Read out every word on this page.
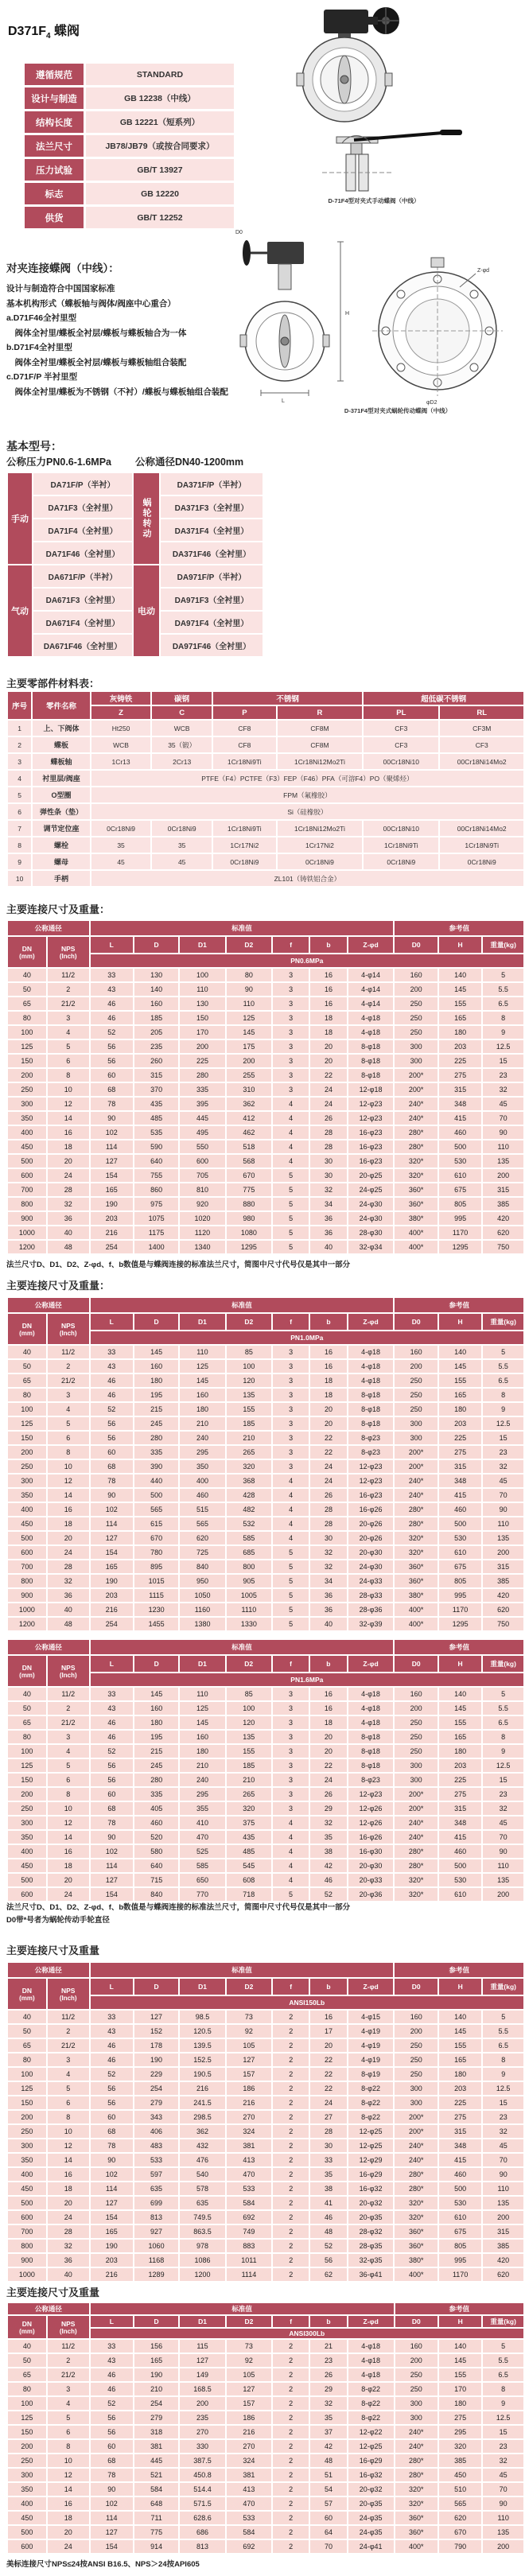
$D371F_4$ 蝶阀
遵循规范	STANDARD
设计与制造	GB 12238（中线）
结构长度	GB 12221（短系列）
法兰尺寸	JB78/JB79（或按合同要求）
压力试验	GB/T 13927
标志	GB 12220
供货	GB/T 12252
D-71F4型对夹式手动蝶阀（中线）
对夹连接蝶阀（中线）：
设计与制造符合中国国家标准
基本机构形式（蝶板轴与阀体/阀座中心重合）
a.D71F46全衬里型
　阀体全衬里/蝶板全衬层/蝶板与蝶板轴合为一体
b.D71F4全衬里型
　阀体全衬里/蝶板全衬层/蝶板与蝶板轴组合装配
c.D71F/P 半衬里型
　阀体全衬里/蝶板为不锈钢（不衬）/蝶板与蝶板轴组合装配
H
D0
L
Z-φd
φD2
D-371F4型对夹式蜗轮传动蝶阀（中线）
基本型号：
公称压力PN0.6-1.6MPa 公称通径DN40-1200mm
手动	DA71F/P（半衬）	蜗轮转动	DA371F/P（半衬）
	DA71F3（全衬里）		DA371F3（全衬里）
	DA71F4（全衬里）		DA371F4（全衬里）
	DA71F46（全衬里）		DA371F46（全衬里）
气动	DA671F/P（半衬）	电动	DA971F/P（半衬）
	DA671F3（全衬里）		DA971F3（全衬里）
	DA671F4（全衬里）		DA971F4（全衬里）
	DA671F46（全衬里）		DA971F46（全衬里）
主要零部件材料表：
序号	零件名称	灰铸铁	碳钢	不锈钢		超低碳不锈钢	
		Z	C	P	R	PL	RL
1	上、下阀体	Ht250	WCB	CF8	CF8M	CF3	CF3M
2	蝶板	WCB	35（锻）	CF8	CF8M	CF3	CF3
3	蝶板轴	1Cr13	2Cr13	1Cr18Ni9Ti	1Cr18Ni12Mo2Ti	00Cr18Ni10	00Cr18Ni14Mo2
4	衬里层/阀座	PTFE（F4）PCTFE（F3）FEP（F46）PFA（可溶F4）PO（聚烯烃）					
5	O型圈	FPM（氟橡胶）					
6	弹性条（垫）	Si（硅橡胶）					
7	调节定位座	0Cr18Ni9	0Cr18Ni9	1Cr18Ni9Ti	1Cr18Ni12Mo2Ti	00Cr18Ni10	00Cr18Ni14Mo2
8	螺栓	35	35	1Cr17Ni2	1Cr17Ni2	1Cr18Ni9Ti	1Cr18Ni9Ti
9	螺母	45	45	0Cr18Ni9	0Cr18Ni9	0Cr18Ni9	0Cr18Ni9
10	手柄	ZL101（铸铁铝合金）					
主要连接尺寸及重量：
公称通径		标准值							参考值		

DN
(mm)

NPS
(Inch)
	L	D	D1	D2	f	b	Z-φd	D0	H	重量(kg)
		PN0.6MPa									
40	11/2	33	130	100	80	3	16	4-φ14	160	140	5
50	2	43	140	110	90	3	16	4-φ14	200	145	5.5
65	21/2	46	160	130	110	3	16	4-φ14	250	155	6.5
80	3	46	185	150	125	3	18	4-φ18	250	165	8
100	4	52	205	170	145	3	18	4-φ18	250	180	9
125	5	56	235	200	175	3	20	8-φ18	300	203	12.5
150	6	56	260	225	200	3	20	8-φ18	300	225	15
200	8	60	315	280	255	3	22	8-φ18	200*	275	23
250	10	68	370	335	310	3	24	12-φ18	200*	315	32
300	12	78	435	395	362	4	24	12-φ23	240*	348	45
350	14	90	485	445	412	4	26	12-φ23	240*	415	70
400	16	102	535	495	462	4	28	16-φ23	280*	460	90
450	18	114	590	550	518	4	28	16-φ23	280*	500	110
500	20	127	640	600	568	4	30	16-φ23	320*	530	135
600	24	154	755	705	670	5	30	20-φ25	320*	610	200
700	28	165	860	810	775	5	32	24-φ25	360*	675	315
800	32	190	975	920	880	5	34	24-φ30	360*	805	385
900	36	203	1075	1020	980	5	36	24-φ30	380*	995	420
1000	40	216	1175	1120	1080	5	36	28-φ30	400*	1170	620
1200	48	254	1400	1340	1295	5	40	32-φ34	400*	1295	750
法兰尺寸D、D1、D2、Z-φd、f、b数值是与蝶阀连接的标准法兰尺寸，简图中尺寸代号仅是其中一部分
主要连接尺寸及重量：
公称通径		标准值							参考值		

DN
(mm)

NPS
(Inch)
	L	D	D1	D2	f	b	Z-φd	D0	H	重量(kg)
		PN1.0MPa									
40	11/2	33	145	110	85	3	16	4-φ18	160	140	5
50	2	43	160	125	100	3	16	4-φ18	200	145	5.5
65	21/2	46	180	145	120	3	18	4-φ18	250	155	6.5
80	3	46	195	160	135	3	18	8-φ18	250	165	8
100	4	52	215	180	155	3	20	8-φ18	250	180	9
125	5	56	245	210	185	3	20	8-φ18	300	203	12.5
150	6	56	280	240	210	3	22	8-φ23	300	225	15
200	8	60	335	295	265	3	22	8-φ23	200*	275	23
250	10	68	390	350	320	3	24	12-φ23	200*	315	32
300	12	78	440	400	368	4	24	12-φ23	240*	348	45
350	14	90	500	460	428	4	26	16-φ23	240*	415	70
400	16	102	565	515	482	4	28	16-φ26	280*	460	90
450	18	114	615	565	532	4	28	20-φ26	280*	500	110
500	20	127	670	620	585	4	30	20-φ26	320*	530	135
600	24	154	780	725	685	5	32	20-φ30	320*	610	200
700	28	165	895	840	800	5	32	24-φ30	360*	675	315
800	32	190	1015	950	905	5	34	24-φ33	360*	805	385
900	36	203	1115	1050	1005	5	36	28-φ33	380*	995	420
1000	40	216	1230	1160	1110	5	36	28-φ36	400*	1170	620
1200	48	254	1455	1380	1330	5	40	32-φ39	400*	1295	750
公称通径		标准值							参考值		

DN
(mm)

NPS
(Inch)
	L	D	D1	D2	f	b	Z-φd	D0	H	重量(kg)
		PN1.6MPa									
40	11/2	33	145	110	85	3	16	4-φ18	160	140	5
50	2	43	160	125	100	3	16	4-φ18	200	145	5.5
65	21/2	46	180	145	120	3	18	4-φ18	250	155	6.5
80	3	46	195	160	135	3	20	8-φ18	250	165	8
100	4	52	215	180	155	3	20	8-φ18	250	180	9
125	5	56	245	210	185	3	22	8-φ18	300	203	12.5
150	6	56	280	240	210	3	24	8-φ23	300	225	15
200	8	60	335	295	265	3	26	12-φ23	200*	275	23
250	10	68	405	355	320	3	29	12-φ26	200*	315	32
300	12	78	460	410	375	4	32	12-φ26	240*	348	45
350	14	90	520	470	435	4	35	16-φ26	240*	415	70
400	16	102	580	525	485	4	38	16-φ30	280*	460	90
450	18	114	640	585	545	4	42	20-φ30	280*	500	110
500	20	127	715	650	608	4	46	20-φ33	320*	530	135
600	24	154	840	770	718	5	52	20-φ36	320*	610	200
法兰尺寸D、D1、D2、Z-φd、f、b数值是与蝶阀连接的标准法兰尺寸，简图中尺寸代号仅是其中一部分
D0带*号者为蜗轮传动手轮直径
主要连接尺寸及重量
公称通径		标准值							参考值		

DN
(mm)

NPS
(Inch)
	L	D	D1	D2	f	b	Z-φd	D0	H	重量(kg)
		ANSI150Lb									
40	11/2	33	127	98.5	73	2	16	4-φ15	160	140	5
50	2	43	152	120.5	92	2	17	4-φ19	200	145	5.5
65	21/2	46	178	139.5	105	2	20	4-φ19	250	155	6.5
80	3	46	190	152.5	127	2	22	4-φ19	250	165	8
100	4	52	229	190.5	157	2	22	8-φ19	250	180	9
125	5	56	254	216	186	2	22	8-φ22	300	203	12.5
150	6	56	279	241.5	216	2	24	8-φ22	300	225	15
200	8	60	343	298.5	270	2	27	8-φ22	200*	275	23
250	10	68	406	362	324	2	28	12-φ25	200*	315	32
300	12	78	483	432	381	2	30	12-φ25	240*	348	45
350	14	90	533	476	413	2	33	12-φ29	240*	415	70
400	16	102	597	540	470	2	35	16-φ29	280*	460	90
450	18	114	635	578	533	2	38	16-φ32	280*	500	110
500	20	127	699	635	584	2	41	20-φ32	320*	530	135
600	24	154	813	749.5	692	2	46	20-φ35	320*	610	200
700	28	165	927	863.5	749	2	48	28-φ32	360*	675	315
800	32	190	1060	978	883	2	52	28-φ35	360*	805	385
900	36	203	1168	1086	1011	2	56	32-φ35	380*	995	420
1000	40	216	1289	1200	1114	2	62	36-φ41	400*	1170	620
主要连接尺寸及重量
公称通径		标准值							参考值		

DN
(mm)

NPS
(Inch)
	L	D	D1	D2	f	b	Z-φd	D0	H	重量(kg)
		ANSI300Lb									
40	11/2	33	156	115	73	2	21	4-φ18	160	140	5
50	2	43	165	127	92	2	23	4-φ18	200	145	5.5
65	21/2	46	190	149	105	2	26	4-φ18	250	155	6.5
80	3	46	210	168.5	127	2	29	8-φ22	250	170	8
100	4	52	254	200	157	2	32	8-φ22	300	180	9
125	5	56	279	235	186	2	35	8-φ22	300	275	12.5
150	6	56	318	270	216	2	37	12-φ22	240*	295	15
200	8	60	381	330	270	2	42	12-φ25	240*	320	23
250	10	68	445	387.5	324	2	48	16-φ29	280*	385	32
300	12	78	521	450.8	381	2	51	16-φ32	280*	450	45
350	14	90	584	514.4	413	2	54	20-φ32	320*	510	70
400	16	102	648	571.5	470	2	57	20-φ35	320*	565	90
450	18	114	711	628.6	533	2	60	24-φ35	360*	620	110
500	20	127	775	686	584	2	64	24-φ35	360*	670	135
600	24	154	914	813	692	2	70	24-φ41	400*	790	200
美标连接尺寸NPS≤24按ANSI B16.5、NPS＞24按API605
